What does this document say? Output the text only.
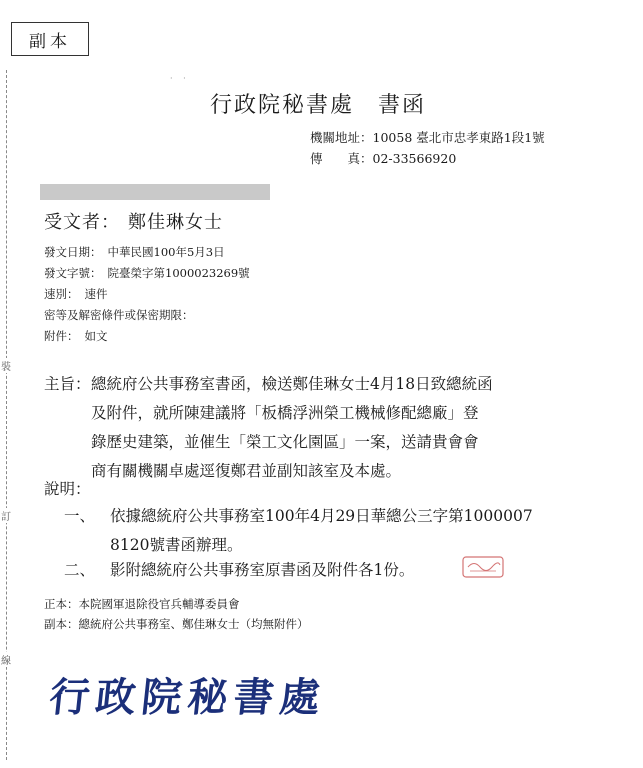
副本
裝
訂
線
· ·
行政院秘書處 書函
機關地址：10058 臺北市忠孝東路1段1號
傳　　真：02-33566920
受文者： 鄭佳琳女士
發文日期： 中華民國100年5月3日
發文字號： 院臺榮字第1000023269號
速別： 速件
密等及解密條件或保密期限：
附件： 如文
主旨： 總統府公共事務室書函，檢送鄭佳琳女士4月18日致總統函
及附件，就所陳建議將「板橋浮洲榮工機械修配總廠」登
錄歷史建築，並催生「榮工文化園區」一案，送請貴會會
商有關機關卓處逕復鄭君並副知該室及本處。
說明：
一、 依據總統府公共事務室100年4月29日華總公三字第1000007
8120號書函辦理。
二、 影附總統府公共事務室原書函及附件各1份。
正本：本院國軍退除役官兵輔導委員會
副本：總統府公共事務室、鄭佳琳女士（均無附件）
行政院秘書處
